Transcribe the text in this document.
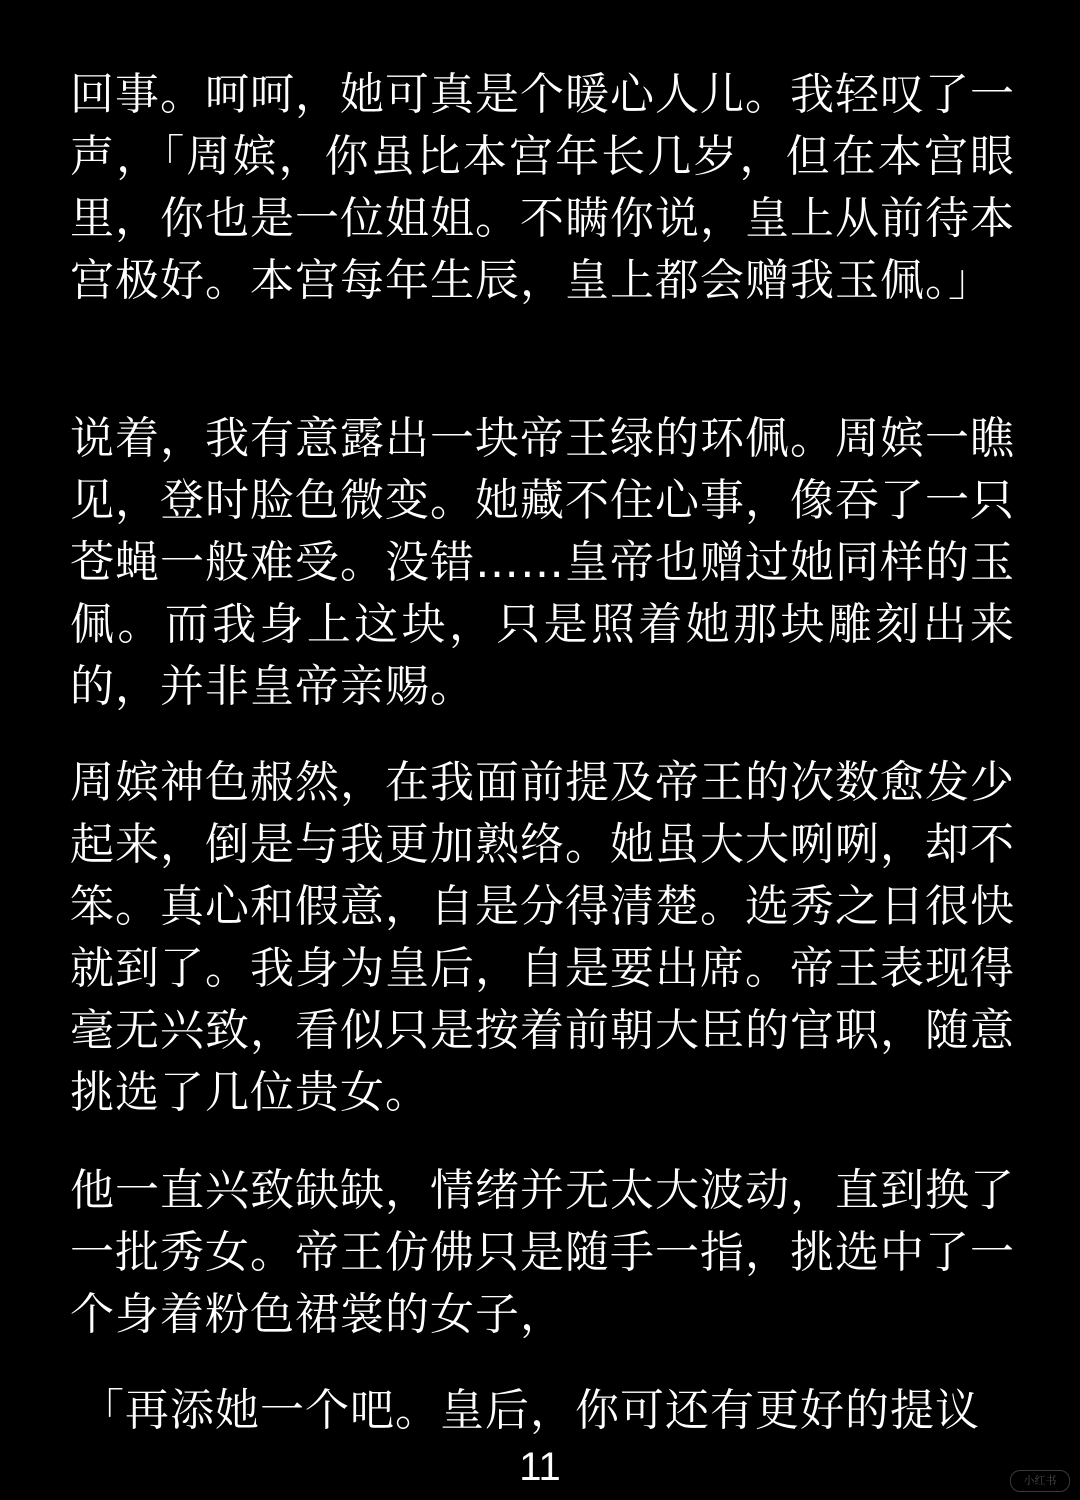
回事。呵呵，她可真是个暖心人儿。我轻叹了一声，「周嫔，你虽比本宫年长几岁，但在本宫眼里，你也是一位姐姐。不瞒你说，皇上从前待本宫极好。本宫每年生辰，皇上都会赠我玉佩。」

说着，我有意露出一块帝王绿的环佩。周嫔一瞧见，登时脸色微变。她藏不住心事，像吞了一只苍蝇一般难受。没错……皇帝也赠过她同样的玉佩。而我身上这块，只是照着她那块雕刻出来的，并非皇帝亲赐。

周嫔神色赧然，在我面前提及帝王的次数愈发少起来，倒是与我更加熟络。她虽大大咧咧，却不笨。真心和假意，自是分得清楚。选秀之日很快就到了。我身为皇后，自是要出席。帝王表现得毫无兴致，看似只是按着前朝大臣的官职，随意挑选了几位贵女。

他一直兴致缺缺，情绪并无太大波动，直到换了一批秀女。帝王仿佛只是随手一指，挑选中了一个身着粉色裙裳的女子，

「再添她一个吧。皇后，你可还有更好的提议

11	小红书
